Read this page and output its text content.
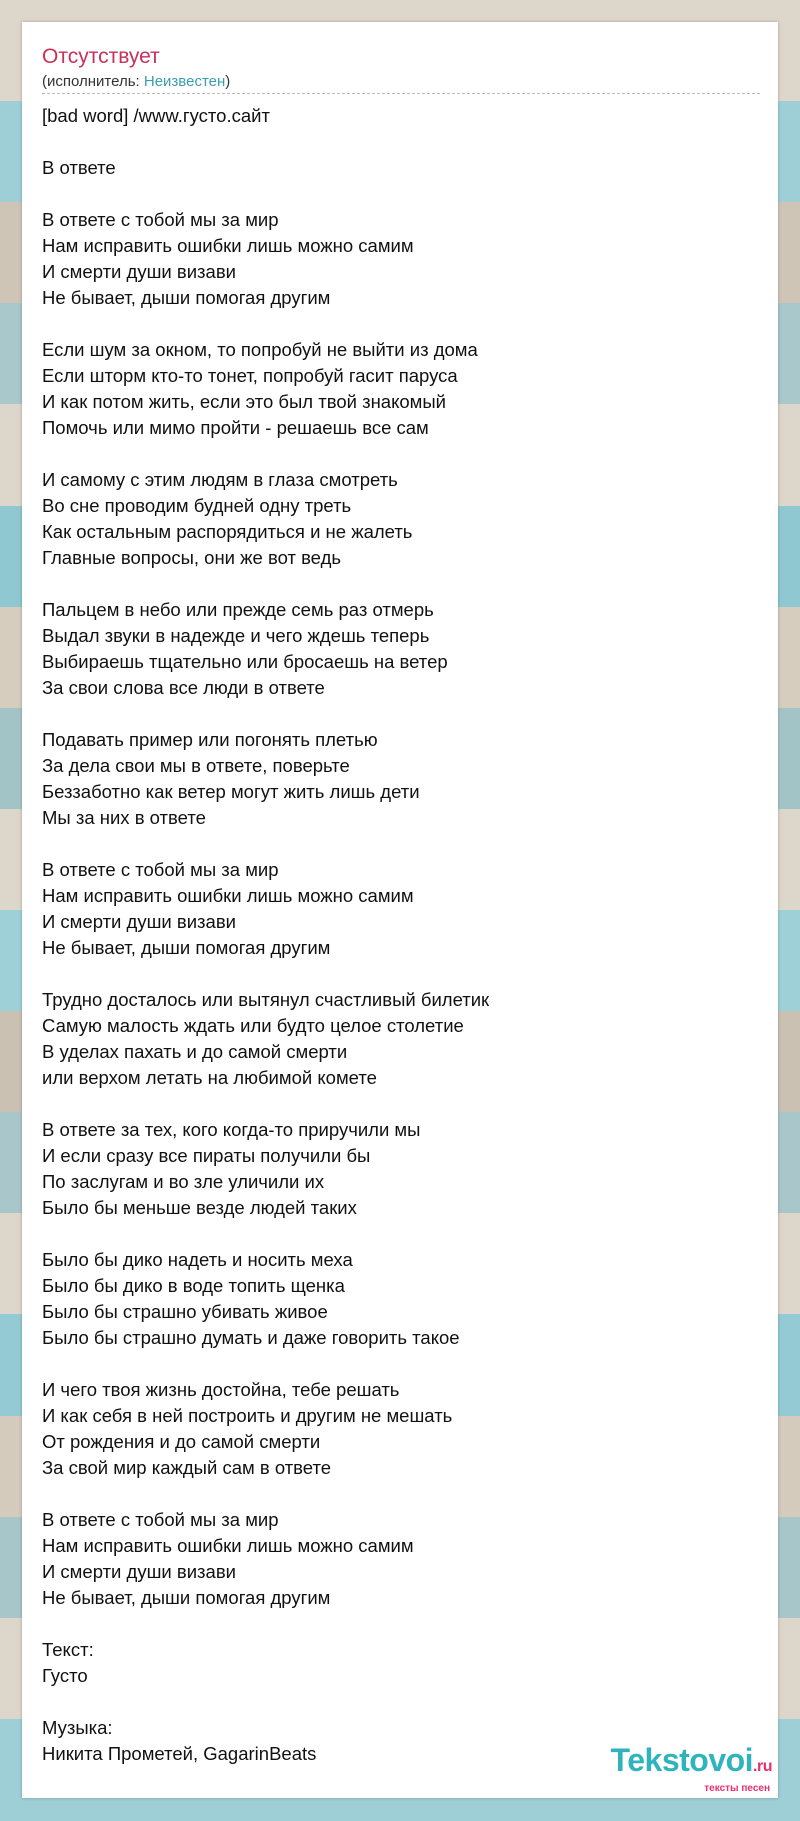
Отсутствует
(исполнитель: Неизвестен)
[bad word] /www.густо.сайт
В ответе
В ответе с тобой мы за мир
Нам исправить ошибки лишь можно самим
И смерти души визави
Не бывает, дыши помогая другим
Если шум за окном, то попробуй не выйти из дома
Если шторм кто-то тонет, попробуй гасит паруса
И как потом жить, если это был твой знакомый
Помочь или мимо пройти - решаешь все сам
И самому с этим людям в глаза смотреть
Во сне проводим будней одну треть
Как остальным распорядиться и не жалеть
Главные вопросы, они же вот ведь
Пальцем в небо или прежде семь раз отмерь
Выдал звуки в надежде и чего ждешь теперь
Выбираешь тщательно или бросаешь на ветер
За свои слова все люди в ответе
Подавать пример или погонять плетью
За дела свои мы в ответе, поверьте
Беззаботно как ветер могут жить лишь дети
Мы за них в ответе
В ответе с тобой мы за мир
Нам исправить ошибки лишь можно самим
И смерти души визави
Не бывает, дыши помогая другим
Трудно досталось или вытянул счастливый билетик
Самую малость ждать или будто целое столетие
В уделах пахать и до самой смерти
или верхом летать на любимой комете
В ответе за тех, кого когда-то приручили мы
И если сразу все пираты получили бы
По заслугам и во зле уличили их
Было бы меньше везде людей таких
Было бы дико надеть и носить меха
Было бы дико в воде топить щенка
Было бы страшно убивать живое
Было бы страшно думать и даже говорить такое
И чего твоя жизнь достойна, тебе решать
И как себя в ней построить и другим не мешать
От рождения и до самой смерти
За свой мир каждый сам в ответе
В ответе с тобой мы за мир
Нам исправить ошибки лишь можно самим
И смерти души визави
Не бывает, дыши помогая другим
Текст:
Густо
Музыка:
Никита Прометей, GagarinBeats	Tekstovoi.ru
тексты песен
